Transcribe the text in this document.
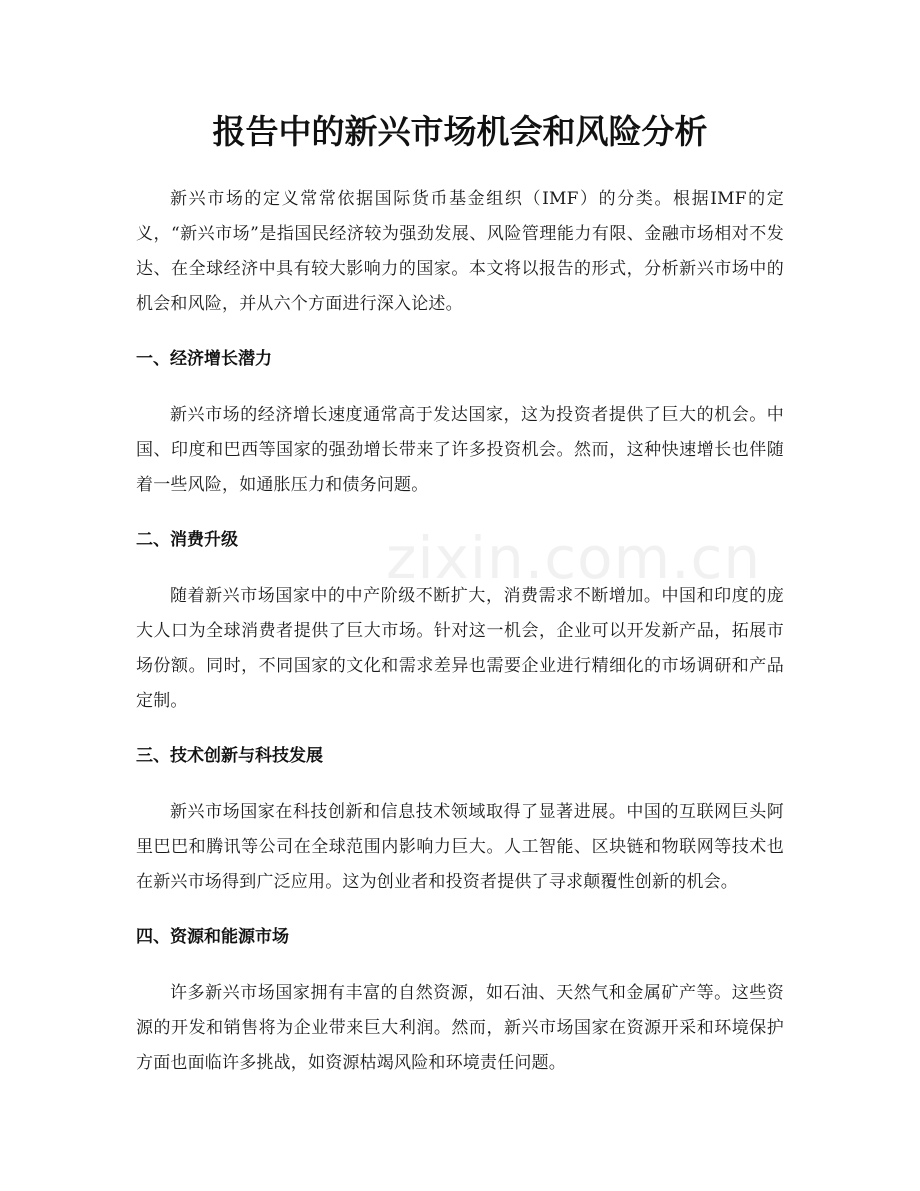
zixin.com.cn
报告中的新兴市场机会和风险分析

新兴市场的定义常常依据国际货币基金组织（IMF）的分类。根据IMF的定义，“新兴市场”是指国民经济较为强劲发展、风险管理能力有限、金融市场相对不发达、在全球经济中具有较大影响力的国家。本文将以报告的形式，分析新兴市场中的机会和风险，并从六个方面进行深入论述。

一、经济增长潜力

新兴市场的经济增长速度通常高于发达国家，这为投资者提供了巨大的机会。中国、印度和巴西等国家的强劲增长带来了许多投资机会。然而，这种快速增长也伴随着一些风险，如通胀压力和债务问题。

二、消费升级

随着新兴市场国家中的中产阶级不断扩大，消费需求不断增加。中国和印度的庞大人口为全球消费者提供了巨大市场。针对这一机会，企业可以开发新产品，拓展市场份额。同时，不同国家的文化和需求差异也需要企业进行精细化的市场调研和产品定制。

三、技术创新与科技发展

新兴市场国家在科技创新和信息技术领域取得了显著进展。中国的互联网巨头阿里巴巴和腾讯等公司在全球范围内影响力巨大。人工智能、区块链和物联网等技术也在新兴市场得到广泛应用。这为创业者和投资者提供了寻求颠覆性创新的机会。

四、资源和能源市场

许多新兴市场国家拥有丰富的自然资源，如石油、天然气和金属矿产等。这些资源的开发和销售将为企业带来巨大利润。然而，新兴市场国家在资源开采和环境保护方面也面临许多挑战，如资源枯竭风险和环境责任问题。
